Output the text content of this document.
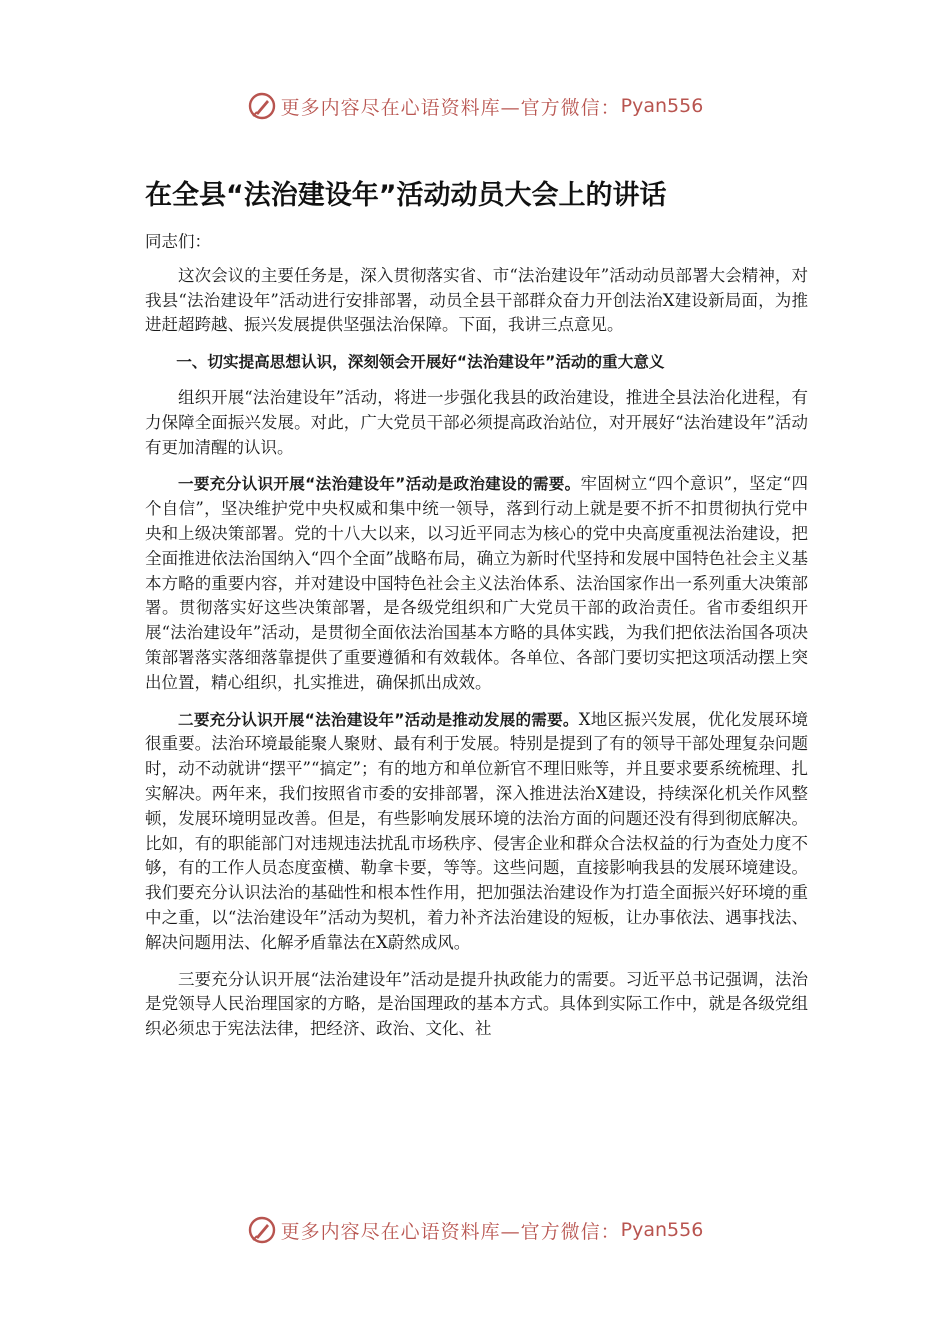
更多内容尽在心语资料库—官方微信： Pyan556
在全县“法治建设年”活动动员大会上的讲话

同志们：

这次会议的主要任务是，深入贯彻落实省、市“法治建设年”活动动员部署大会精神，对我县“法治建设年”活动进行安排部署，动员全县干部群众奋力开创法治X建设新局面，为推进赶超跨越、振兴发展提供坚强法治保障。下面，我讲三点意见。

一、切实提高思想认识，深刻领会开展好“法治建设年”活动的重大意义

组织开展“法治建设年”活动，将进一步强化我县的政治建设，推进全县法治化进程，有力保障全面振兴发展。对此，广大党员干部必须提高政治站位，对开展好“法治建设年”活动有更加清醒的认识。

一要充分认识开展“法治建设年”活动是政治建设的需要。牢固树立“四个意识”，坚定“四个自信”，坚决维护党中央权威和集中统一领导，落到行动上就是要不折不扣贯彻执行党中央和上级决策部署。党的十八大以来，以习近平同志为核心的党中央高度重视法治建设，把全面推进依法治国纳入“四个全面”战略布局，确立为新时代坚持和发展中国特色社会主义基本方略的重要内容，并对建设中国特色社会主义法治体系、法治国家作出一系列重大决策部署。贯彻落实好这些决策部署，是各级党组织和广大党员干部的政治责任。省市委组织开展“法治建设年”活动，是贯彻全面依法治国基本方略的具体实践，为我们把依法治国各项决策部署落实落细落靠提供了重要遵循和有效载体。各单位、各部门要切实把这项活动摆上突出位置，精心组织，扎实推进，确保抓出成效。

二要充分认识开展“法治建设年”活动是推动发展的需要。X地区振兴发展，优化发展环境很重要。法治环境最能聚人聚财、最有利于发展。特别是提到了有的领导干部处理复杂问题时，动不动就讲“摆平”“搞定”；有的地方和单位新官不理旧账等，并且要求要系统梳理、扎实解决。两年来，我们按照省市委的安排部署，深入推进法治X建设，持续深化机关作风整顿，发展环境明显改善。但是，有些影响发展环境的法治方面的问题还没有得到彻底解决。比如，有的职能部门对违规违法扰乱市场秩序、侵害企业和群众合法权益的行为查处力度不够，有的工作人员态度蛮横、勒拿卡要，等等。这些问题，直接影响我县的发展环境建设。我们要充分认识法治的基础性和根本性作用，把加强法治建设作为打造全面振兴好环境的重中之重，以“法治建设年”活动为契机，着力补齐法治建设的短板，让办事依法、遇事找法、解决问题用法、化解矛盾靠法在X蔚然成风。

三要充分认识开展“法治建设年”活动是提升执政能力的需要。习近平总书记强调，法治是党领导人民治理国家的方略，是治国理政的基本方式。具体到实际工作中，就是各级党组织必须忠于宪法法律，把经济、政治、文化、社

更多内容尽在心语资料库—官方微信： Pyan556
